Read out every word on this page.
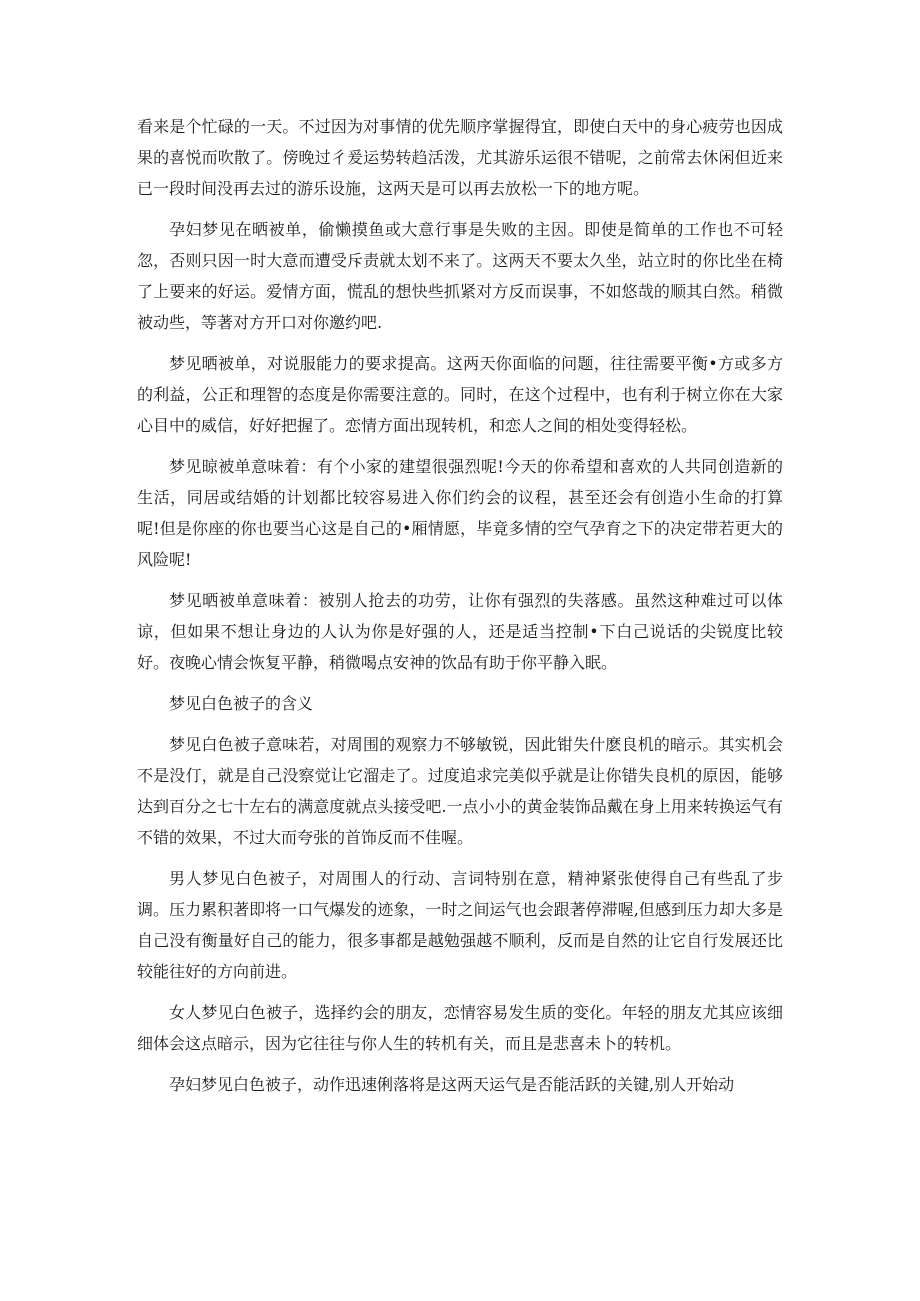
看来是个忙碌的一天。不过因为对事情的优先顺序掌握得宜，即使白天中的身心疲劳也因成果的喜悦而吹散了。傍晚过彳爰运势转趋活泼，尤其游乐运很不错呢，之前常去休闲但近来已一段时间没再去过的游乐设施，这两天是可以再去放松一下的地方呢。

孕妇梦见在晒被单，偷懒摸鱼或大意行事是失败的主因。即使是简单的工作也不可轻忽，否则只因一时大意而遭受斥责就太划不来了。这两天不要太久坐，站立时的你比坐在椅了上要来的好运。爱情方面，慌乱的想快些抓紧对方反而误事，不如悠哉的顺其白然。稍微被动些，等著对方开口对你邀约吧.

梦见晒被单，对说服能力的要求提高。这两天你面临的问题，往往需要平衡•方或多方的利益，公正和理智的态度是你需要注意的。同时，在这个过程中，也有利于树立你在大家心目中的威信，好好把握了。恋情方面出现转机，和恋人之间的相处变得轻松。

梦见晾被单意味着：有个小家的建望很强烈呢!今天的你希望和喜欢的人共同创造新的生活，同居或结婚的计划都比较容易进入你们约会的议程，甚至还会有创造小生命的打算呢!但是你座的你也要当心这是自己的•厢情愿，毕竟多情的空气孕育之下的决定带若更大的风险呢!

梦见晒被单意味着：被别人抢去的功劳，让你有强烈的失落感。虽然这种难过可以体谅，但如果不想让身边的人认为你是好强的人，还是适当控制•下白己说话的尖锐度比较好。夜晚心情会恢复平静，稍微喝点安神的饮品有助于你平静入眠。

梦见白色被子的含义

梦见白色被子意味若，对周围的观察力不够敏锐，因此钳失什麽良机的暗示。其实机会不是没仃，就是自己没察觉让它溜走了。过度追求完美似乎就是让你错失良机的原因，能够达到百分之七十左右的满意度就点头接受吧.一点小小的黄金装饰品戴在身上用来转换运气有不错的效果，不过大而夸张的首饰反而不佳喔。

男人梦见白色被子，对周围人的行动、言词特别在意，精神紧张使得自己有些乱了步调。压力累积著即将一口气爆发的迹象，一时之间运气也会跟著停滞喔,但感到压力却大多是自己没有衡量好自己的能力，很多事都是越勉强越不顺利，反而是自然的让它自行发展还比较能往好的方向前进。

女人梦见白色被子，选择约会的朋友，恋情容易发生质的变化。年轻的朋友尤其应该细细体会这点暗示，因为它往往与你人生的转机有关，而且是悲喜未卜的转机。

孕妇梦见白色被子，动作迅速俐落将是这两天运气是否能活跃的关键,别人开始动
